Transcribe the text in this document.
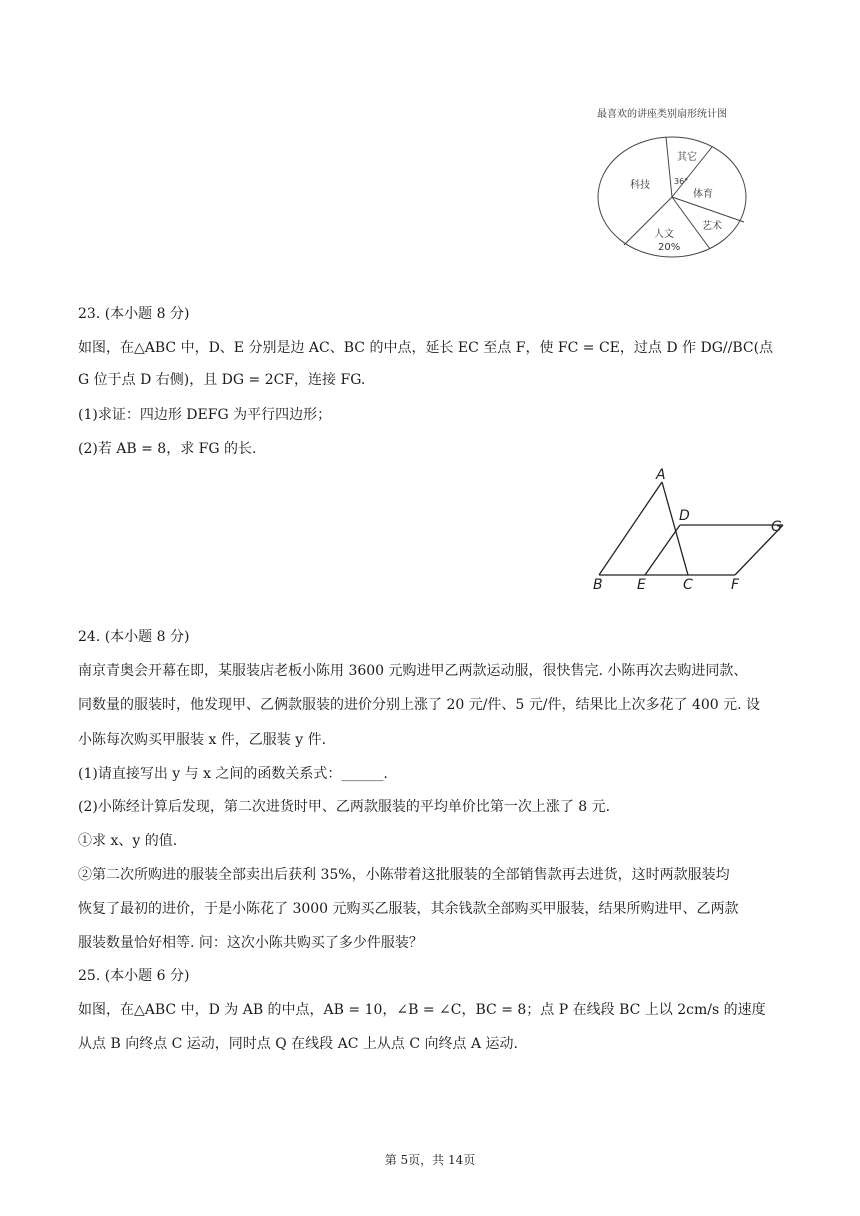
最喜欢的讲座类别扇形统计图
其它
36°
科技
体育
艺术
人文
20%
23. (本小题 8 分)
如图，在△ABC 中，D、E 分别是边 AC、BC 的中点，延长 EC 至点 F，使 FC = CE，过点 D 作 DG//BC(点
G 位于点 D 右侧)，且 DG = 2CF，连接 FG.
(1)求证：四边形 DEFG 为平行四边形；
(2)若 AB = 8，求 FG 的长.
A
B	C
D
E	F
G
24. (本小题 8 分)
南京青奥会开幕在即，某服装店老板小陈用 3600 元购进甲乙两款运动服，很快售完. 小陈再次去购进同款、
同数量的服装时，他发现甲、乙俩款服装的进价分别上涨了 20 元/件、5 元/件，结果比上次多花了 400 元. 设
小陈每次购买甲服装 x 件，乙服装 y 件.
(1)请直接写出 y 与 x 之间的函数关系式：______.
(2)小陈经计算后发现，第二次进货时甲、乙两款服装的平均单价比第一次上涨了 8 元.
①求 x、y 的值.
②第二次所购进的服装全部卖出后获利 35%，小陈带着这批服装的全部销售款再去进货，这时两款服装均
恢复了最初的进价，于是小陈花了 3000 元购买乙服装，其余钱款全部购买甲服装，结果所购进甲、乙两款
服装数量恰好相等. 问：这次小陈共购买了多少件服装？
25. (本小题 6 分)
如图，在△ABC 中，D 为 AB 的中点，AB = 10，∠B = ∠C，BC = 8；点 P 在线段 BC 上以 2cm/s 的速度
从点 B 向终点 C 运动，同时点 Q 在线段 AC 上从点 C 向终点 A 运动.
第 5页，共 14页
